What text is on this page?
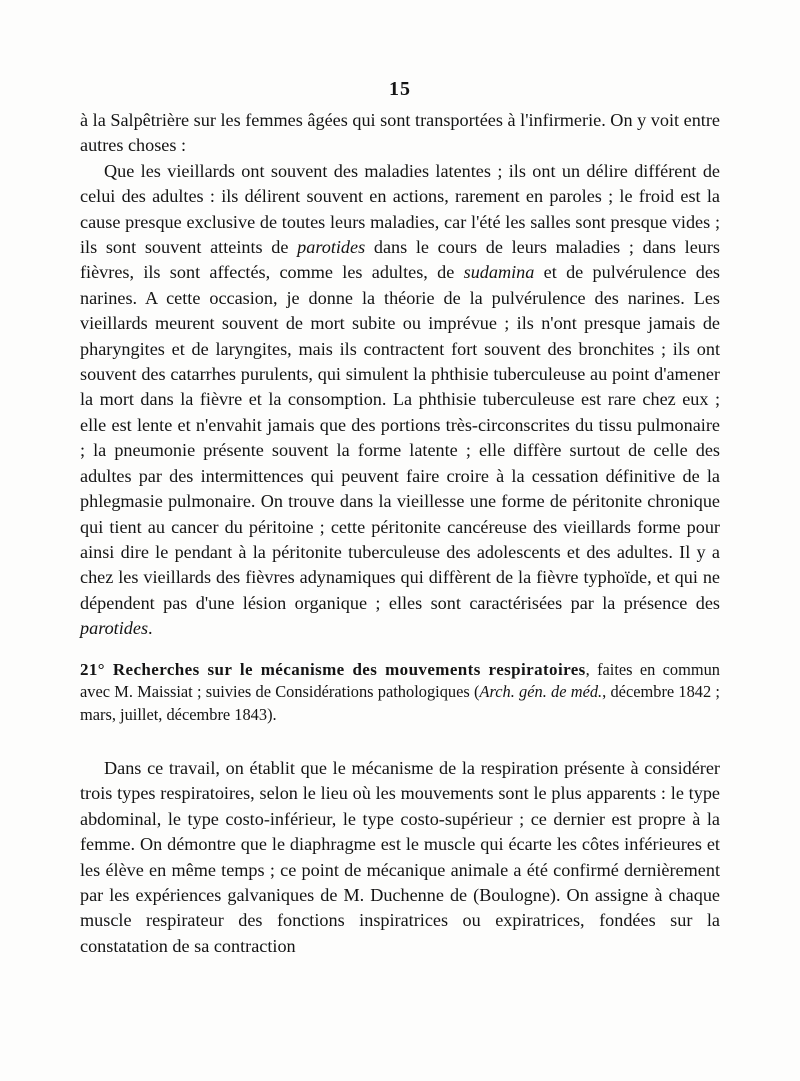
15

à la Salpêtrière sur les femmes âgées qui sont transportées à l'infirmerie. On y voit entre autres choses :

Que les vieillards ont souvent des maladies latentes ; ils ont un délire différent de celui des adultes : ils délirent souvent en actions, rarement en paroles ; le froid est la cause presque exclusive de toutes leurs maladies, car l'été les salles sont presque vides ; ils sont souvent atteints de parotides dans le cours de leurs maladies ; dans leurs fièvres, ils sont affectés, comme les adultes, de sudamina et de pulvérulence des narines. A cette occasion, je donne la théorie de la pulvérulence des narines. Les vieillards meurent souvent de mort subite ou imprévue ; ils n'ont presque jamais de pharyngites et de laryngites, mais ils contractent fort souvent des bronchites ; ils ont souvent des catarrhes purulents, qui simulent la phthisie tuberculeuse au point d'amener la mort dans la fièvre et la consomption. La phthisie tuberculeuse est rare chez eux ; elle est lente et n'envahit jamais que des portions très-circonscrites du tissu pulmonaire ; la pneumonie présente souvent la forme latente ; elle diffère surtout de celle des adultes par des intermittences qui peuvent faire croire à la cessation définitive de la phlegmasie pulmonaire. On trouve dans la vieillesse une forme de péritonite chronique qui tient au cancer du péritoine ; cette péritonite cancéreuse des vieillards forme pour ainsi dire le pendant à la péritonite tuberculeuse des adolescents et des adultes. Il y a chez les vieillards des fièvres adynamiques qui diffèrent de la fièvre typhoïde, et qui ne dépendent pas d'une lésion organique ; elles sont caractérisées par la présence des parotides.

21° Recherches sur le mécanisme des mouvements respiratoires, faites en commun avec M. Maissiat ; suivies de Considérations pathologiques (Arch. gén. de méd., décembre 1842 ; mars, juillet, décembre 1843).

Dans ce travail, on établit que le mécanisme de la respiration présente à considérer trois types respiratoires, selon le lieu où les mouvements sont le plus apparents : le type abdominal, le type costo-inférieur, le type costo-supérieur ; ce dernier est propre à la femme. On démontre que le diaphragme est le muscle qui écarte les côtes inférieures et les élève en même temps ; ce point de mécanique animale a été confirmé dernièrement par les expériences galvaniques de M. Duchenne de (Boulogne). On assigne à chaque muscle respirateur des fonctions inspiratrices ou expiratrices, fondées sur la constatation de sa contraction
